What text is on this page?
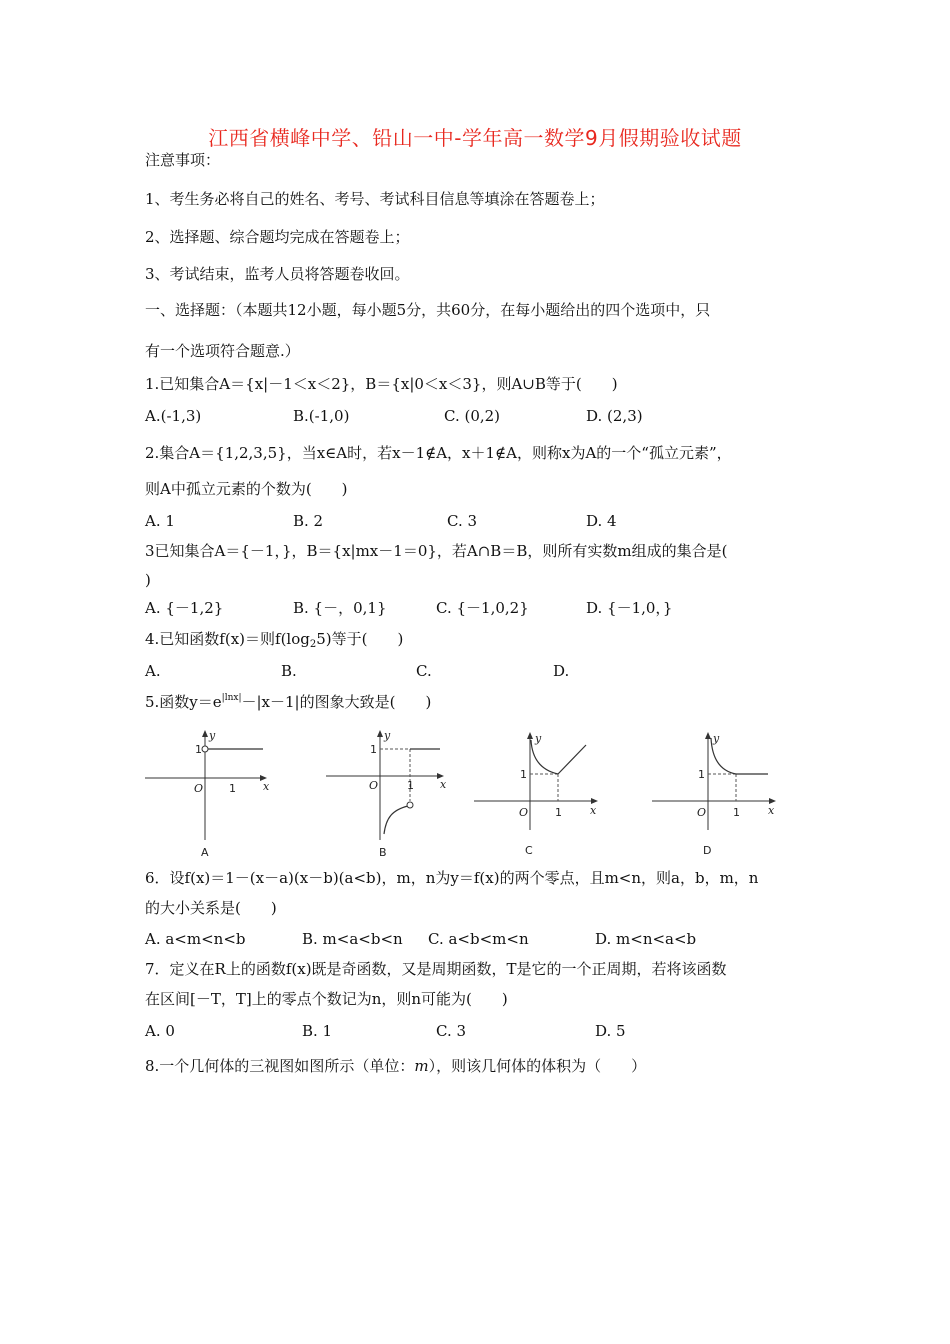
江西省横峰中学、铅山一中-学年高一数学9月假期验收试题
注意事项：
1、考生务必将自己的姓名、考号、考试科目信息等填涂在答题卷上；
2、选择题、综合题均完成在答题卷上；
3、考试结束，监考人员将答题卷收回。
一、选择题：（本题共12小题，每小题5分，共60分，在每小题给出的四个选项中，只
有一个选项符合题意.）
1.已知集合A＝{x|－1＜x＜2}，B＝{x|0＜x＜3}，则A∪B等于(　　)
A.(-1,3)	B.(-1,0)	C. (0,2)	D. (2,3)
2.集合A＝{1,2,3,5}，当x∈A时，若x－1∉A，x＋1∉A，则称x为A的一个“孤立元素”，
则A中孤立元素的个数为(　　)
A. 1	B. 2	C. 3	D. 4
3已知集合A＝{－1，}，B＝{x|mx－1＝0}，若A∩B＝B，则所有实数m组成的集合是(
)
A. {－1,2}	B. {－，0,1}	C. {－1,0,2}	D. {－1,0，}
4.已知函数f(x)＝则$f(\log_25)$等于(　　)
A.	B.	C.	D.
5.函数$y=e^{|lnx|}-|x-1|$的图象大致是(　　)
y
1
O 1 x
A
y
1
O	1 x
B
y
1
O 1	x
C
y
1
O 1	x
D
6．设f(x)＝1－(x－a)(x－b)(a<b)，m，n为y＝f(x)的两个零点，且m<n，则a，b，m，n
的大小关系是(　　)
A. a<m<n<b	B. m<a<b<n C. a<b<m<n	D. m<n<a<b
7．定义在R上的函数f(x)既是奇函数，又是周期函数，T是它的一个正周期，若将该函数
在区间[－T，T]上的零点个数记为n，则n可能为(　　)
A. 0	B. 1	C. 3	D. 5
8.一个几何体的三视图如图所示（单位：m），则该几何体的体积为（　　）
